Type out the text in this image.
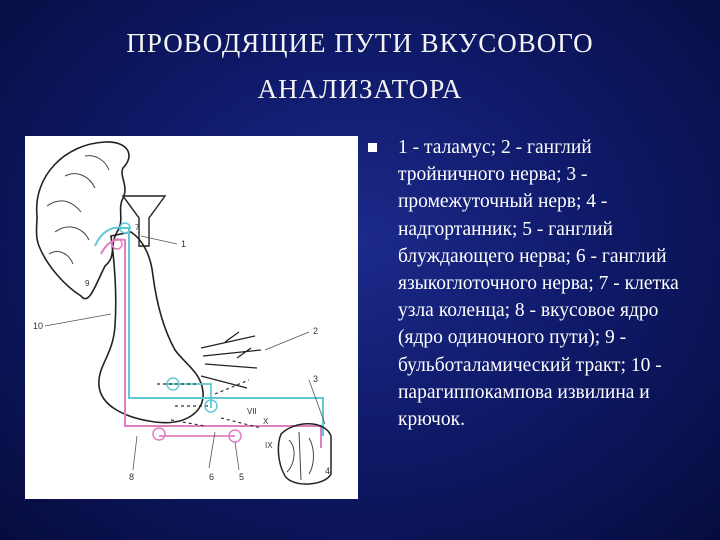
ПРОВОДЯЩИЕ ПУТИ ВКУСОВОГО
АНАЛИЗАТОРА
1
10	2
3
4
5
6
7
8
9
VII
X
IX
1 - таламус; 2 - ганглий тройничного нерва; 3 - промежуточный нерв; 4 - надгортанник; 5 - ганглий блуждающего нерва; 6 - ганглий языкоглоточного нерва; 7 - клетка узла коленца; 8 - вкусовое ядро (ядро одиночного пути); 9 - бульботаламический тракт; 10 - парагиппокампова извилина и крючок.
